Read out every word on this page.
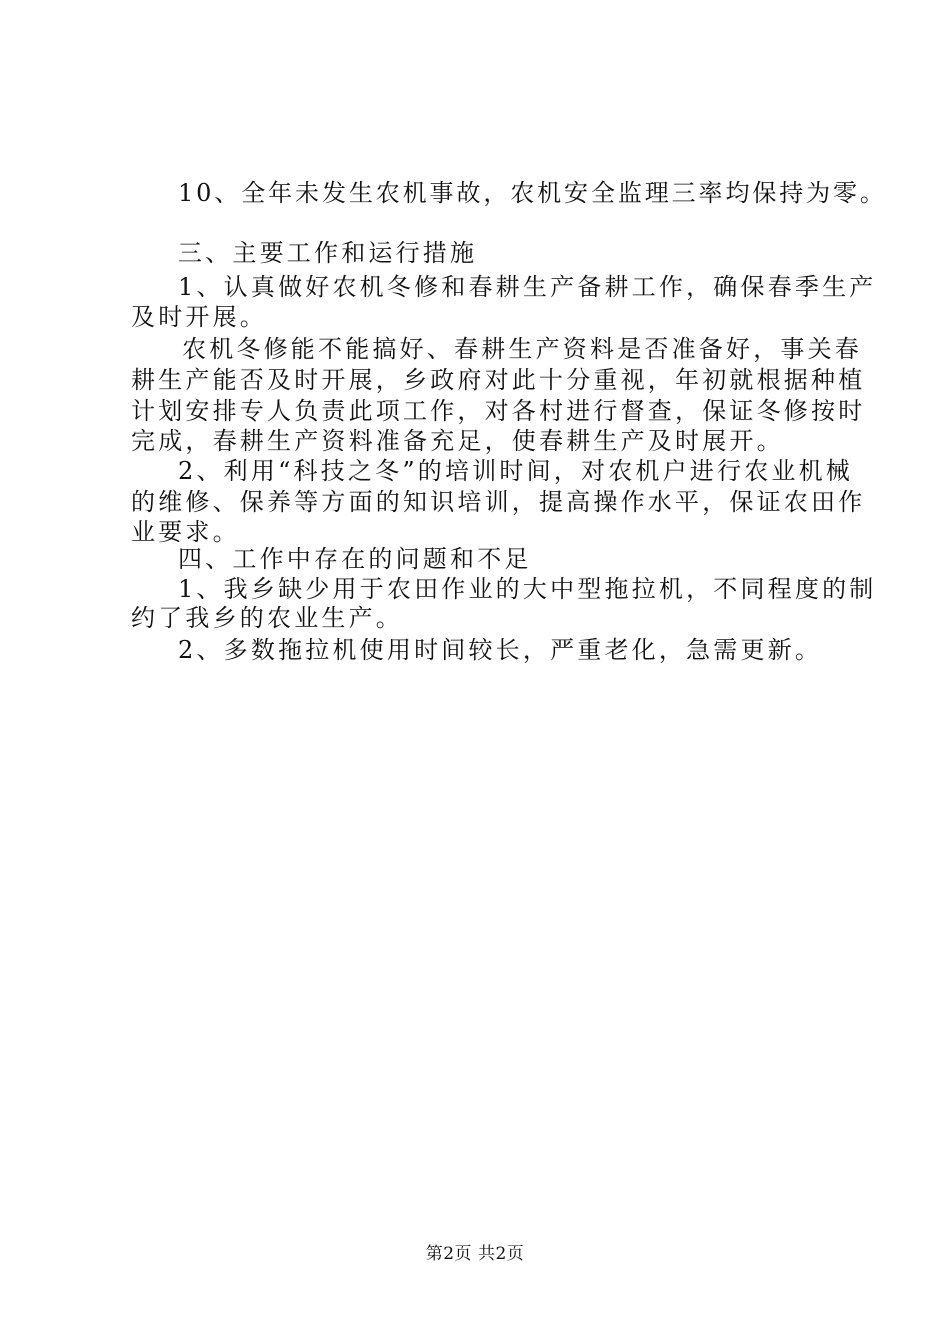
10、全年未发生农机事故，农机安全监理三率均保持为零。
三、主要工作和运行措施
1、认真做好农机冬修和春耕生产备耕工作，确保春季生产
及时开展。
农机冬修能不能搞好、春耕生产资料是否准备好，事关春
耕生产能否及时开展，乡政府对此十分重视，年初就根据种植
计划安排专人负责此项工作，对各村进行督查，保证冬修按时
完成，春耕生产资料准备充足，使春耕生产及时展开。
2、利用“科技之冬”的培训时间，对农机户进行农业机械
的维修、保养等方面的知识培训，提高操作水平，保证农田作
业要求。
四、工作中存在的问题和不足
1、我乡缺少用于农田作业的大中型拖拉机，不同程度的制
约了我乡的农业生产。
2、多数拖拉机使用时间较长，严重老化，急需更新。
第2页 共2页
